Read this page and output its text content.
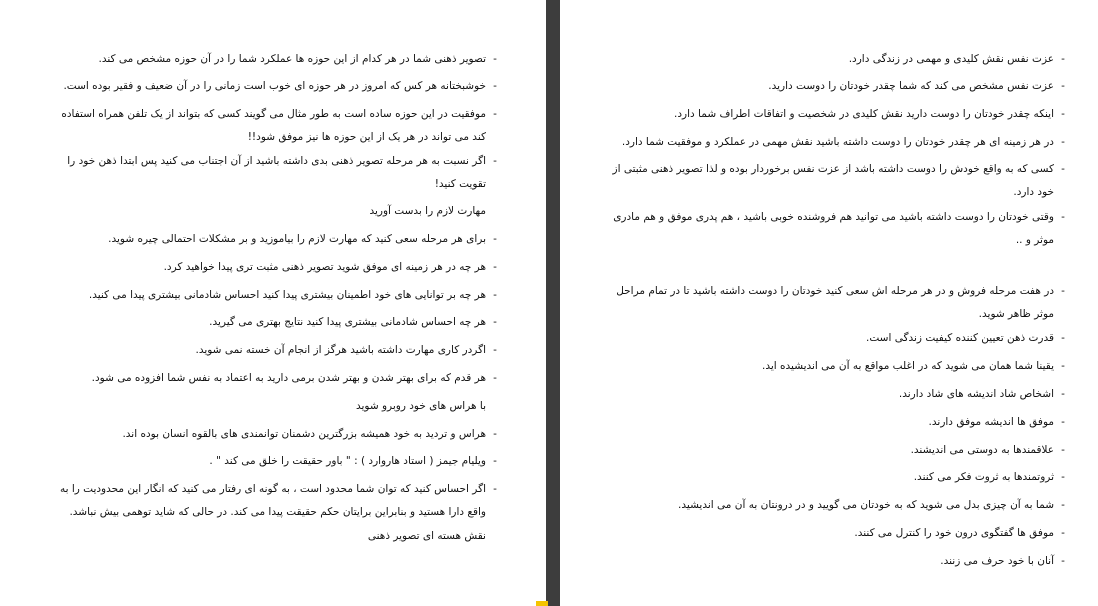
-
تصویر ذهنی شما در هر کدام از این حوزه ها عملکرد شما را در آن حوزه مشخص می کند.
-
خوشبختانه هر کس که امروز در هر حوزه ای خوب است زمانی را در آن ضعیف و فقیر بوده است.
-
موفقیت در این حوزه ساده است به طور مثال می گویند کسی که بتواند از یک تلفن همراه استفاده کند می تواند در هر یک از این حوزه ها نیز موفق شود!!
-
اگر نسبت به هر مرحله تصویر ذهنی بدی داشته باشید از آن اجتناب می کنید پس ابتدا ذهن خود را تقویت کنید!
مهارت لازم را بدست آورید
-
برای هر مرحله سعی کنید که مهارت لازم را بیاموزید و بر مشکلات احتمالی چیره شوید.
-
هر چه در هر زمینه ای موفق شوید تصویر ذهنی مثبت تری پیدا خواهید کرد.
-
هر چه بر توانایی های خود اطمینان بیشتری پیدا کنید احساس شادمانی بیشتری پیدا می کنید.
-
هر چه احساس شادمانی بیشتری پیدا کنید نتایج بهتری می گیرید.
-
اگردر کاری مهارت داشته باشید هرگز از انجام آن خسته نمی شوید.
-
هر قدم که برای بهتر شدن و بهتر شدن برمی دارید به اعتماد به نفس شما افزوده می شود.
با هراس های خود روبرو شوید
-
هراس و تردید به خود همیشه بزرگترین دشمنان توانمندی های بالقوه انسان بوده اند.
-
ویلیام جیمز ( استاد هاروارد ) : " باور حقیقت را خلق می کند " .
-
اگر احساس کنید که توان شما محدود است ، به گونه ای رفتار می کنید که انگار این محدودیت را به واقع دارا هستید و بنابراین برایتان حکم حقیقت پیدا می کند. در حالی که شاید توهمی بیش نباشد.
نقش هسته ای تصویر ذهنی
-
عزت نفس نقش کلیدی و مهمی در زندگی دارد.
-
عزت نفس مشخص می کند که شما چقدر خودتان را دوست دارید.
-
اینکه چقدر خودتان را دوست دارید نقش کلیدی در شخصیت و اتفاقات اطراف شما دارد.
-
در هر زمینه ای هر چقدر خودتان را دوست داشته باشید نقش مهمی در عملکرد و موفقیت شما دارد.
-
کسی که به واقع خودش را دوست داشته باشد از عزت نفس برخوردار بوده و لذا تصویر ذهنی مثبتی از خود دارد.
-
وقتی خودتان را دوست داشته باشید می توانید هم فروشنده خوبی باشید ، هم پدری موفق و هم مادری موثر و ..
-
در هفت مرحله فروش و در هر مرحله اش سعی کنید خودتان را دوست داشته باشید تا در تمام مراحل موثر ظاهر شوید.
-
قدرت ذهن تعیین کننده کیفیت زندگی است.
-
یقینا شما همان می شوید که در اغلب مواقع به آن می اندیشیده اید.
-
اشخاص شاد اندیشه های شاد دارند.
-
موفق ها اندیشه موفق دارند.
-
علاقمندها به دوستی می اندیشند.
-
ثروتمندها به ثروت فکر می کنند.
-
شما به آن چیزی بدل می شوید که به خودتان می گویید و در درونتان به آن می اندیشید.
-
موفق ها گفتگوی درون خود را کنترل می کنند.
-
آنان با خود حرف می زنند.
